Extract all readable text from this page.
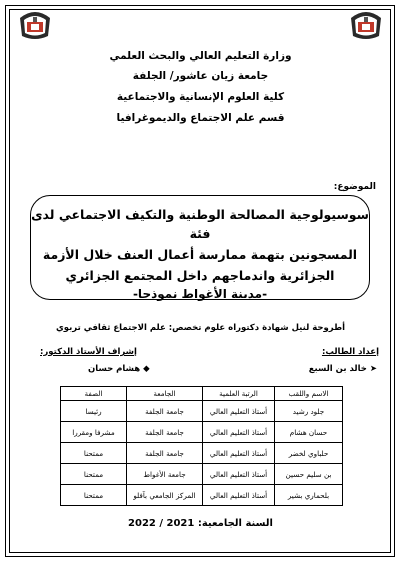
وزارة التعليم العالي والبحث العلمي
جامعة زيان عاشور/ الجلفة
كلية العلوم الإنسانية والاجتماعية
قسم علم الاجتماع والديموغرافيا
الموضوع:
سوسيولوجية المصالحة الوطنية والتكيف الاجتماعي لدى فئة
المسجونين بتهمة ممارسة أعمال العنف خلال الأزمة
الجزائرية واندماجهم داخل المجتمع الجزائري
-مدينة الأغواط نموذجا-
أطروحة لنيل شهادة دكتوراه علوم تخصص: علم الاجتماع ثقافي تربوي
إعداد الطالب:
إشراف الأستاذ الدكتور:
➤ خالد بن السبع
◆ هشام حسان
الاسم واللقب	الرتبة العلمية	الجامعة	الصفة
جلود رشيد	أستاذ التعليم العالي	جامعة الجلفة	رئيسا
حسان هشام	أستاذ التعليم العالي	جامعة الجلفة	مشرفا ومقررا
حلباوي لخضر	أستاذ التعليم العالي	جامعة الجلفة	ممتحنا
بن سليم حسين	أستاذ التعليم العالي	جامعة الأغواط	ممتحنا
بلحماري بشير	أستاذ التعليم العالي	المركز الجامعي بآفلو	ممتحنا
السنة الجامعية: 2021 / 2022
